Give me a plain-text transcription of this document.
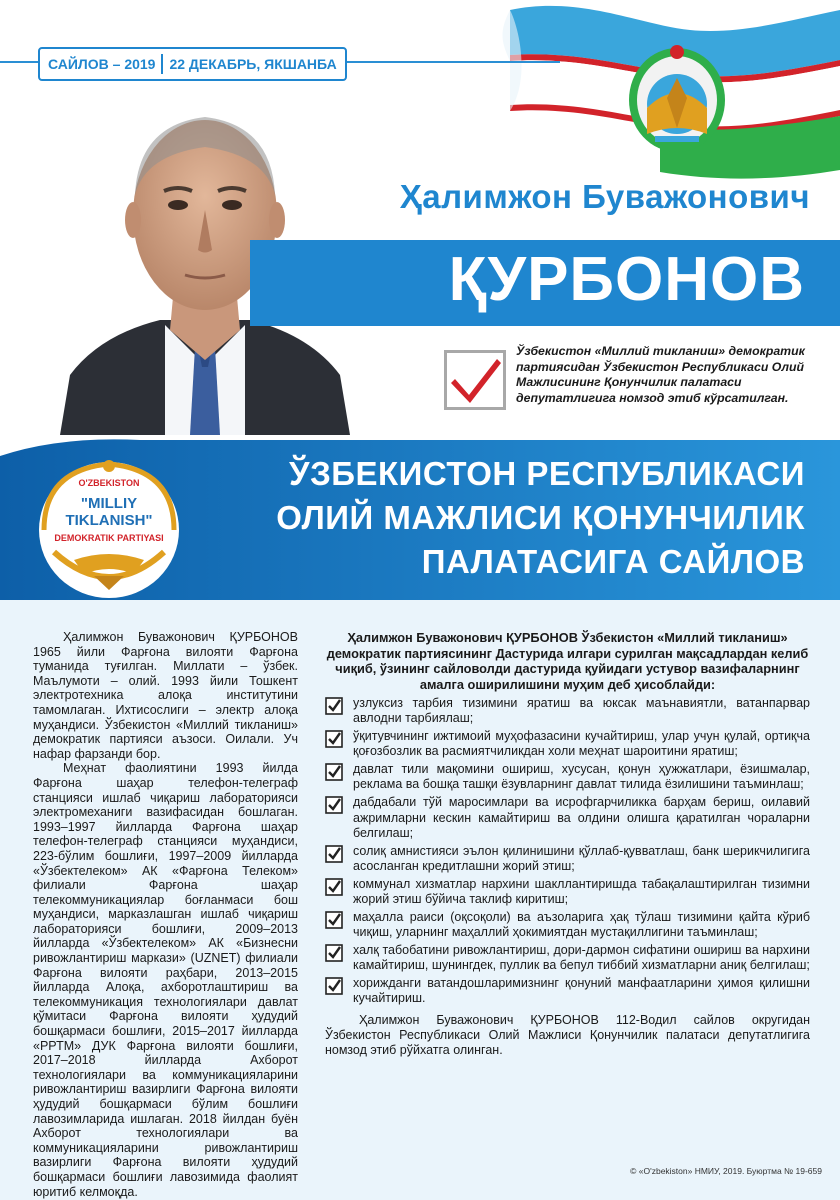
САЙЛОВ – 2019 22 ДЕКАБРЬ, ЯКШАНБА
Ҳалимжон Буважонович
ҚУРБОНОВ
Ўзбекистон «Миллий тикланиш» демократик партиясидан Ўзбекистон Республикаси Олий Мажлисининг Қонунчилик палатаси депутатлигига номзод этиб кўрсатилган.
ЎЗБЕКИСТОН РЕСПУБЛИКАСИ
ОЛИЙ МАЖЛИСИ ҚОНУНЧИЛИК
ПАЛАТАСИГА САЙЛОВ
O'ZBEKISTON
"MILLIY
TIKLANISH"
DEMOKRATIK PARTIYASI

Ҳалимжон Буважонович ҚУРБОНОВ 1965 йили Фарғона вилояти Фарғона туманида туғилган. Миллати – ўзбек. Маълумоти – олий. 1993 йили Тошкент электротехника алоқа институтини тамомлаган. Ихтисослиги – электр алоқа муҳандиси. Ўзбекистон «Миллий тикланиш» демократик партияси аъзоси. Оилали. Уч нафар фарзанди бор.

Меҳнат фаолиятини 1993 йилда Фарғона шаҳар телефон-телеграф станцияси ишлаб чиқариш лабораторияси электромеханиги вазифасидан бошлаган. 1993–1997 йилларда Фарғона шаҳар телефон-телеграф станцияси муҳандиси, 223-бўлим бошлиғи, 1997–2009 йилларда «Ўзбектелеком» АК «Фарғона Телеком» филиали Фарғона шаҳар телекоммуникациялар боғланмаси бош муҳандиси, марказлашган ишлаб чиқариш лабораторияси бошлиғи, 2009–2013 йилларда «Ўзбектелеком» АК «Бизнесни ривожлантириш маркази» (UZNET) филиали Фарғона вилояти раҳбари, 2013–2015 йилларда Алоқа, ахборотлаштириш ва телекоммуникация технологиялари давлат қўмитаси Фарғона вилояти ҳудудий бошқармаси бошлиғи, 2015–2017 йилларда «РРТМ» ДУК Фарғона вилояти бошлиғи, 2017–2018 йилларда Ахборот технологиялари ва коммуникацияларини ривожлантириш вазирлиги Фарғона вилояти ҳудудий бошқармаси бўлим бошлиғи лавозимларида ишлаган. 2018 йилдан буён Ахборот технологиялари ва коммуникацияларини ривожлантириш вазирлиги Фарғона вилояти ҳудудий бошқармаси бошлиғи лавозимида фаолият юритиб келмоқда.

Ҳалимжон Буважонович ҚУРБОНОВ Ўзбекистон «Миллий тикланиш» демократик партиясининг Дастурида илгари сурилган мақсадлардан келиб чиқиб, ўзининг сайловолди дастурида қуйидаги устувор вазифаларнинг амалга оширилишини муҳим деб ҳисоблайди:
узлуксиз тарбия тизимини яратиш ва юксак маънавиятли, ватанпарвар авлодни тарбиялаш;
ўқитувчининг ижтимоий муҳофазасини кучайтириш, улар учун қулай, ортиқча қоғозбозлик ва расмиятчиликдан холи меҳнат шароитини яратиш;
давлат тили мақомини ошириш, хусусан, қонун ҳужжатлари, ёзишмалар, реклама ва бошқа ташқи ёзувларнинг давлат тилида ёзилишини таъминлаш;
дабдабали тўй маросимлари ва исрофгарчиликка барҳам бериш, оилавий ажримларни кескин камайтириш ва олдини олишга қаратилган чораларни белгилаш;
солиқ амнистияси эълон қилинишини қўллаб-қувватлаш, банк шерикчилигига асосланган кредитлашни жорий этиш;
коммунал хизматлар нархини шакллантиришда табақалаштирилган тизимни жорий этиш бўйича таклиф киритиш;
маҳалла раиси (оқсоқоли) ва аъзоларига ҳақ тўлаш тизимини қайта кўриб чиқиш, уларнинг маҳаллий ҳокимиятдан мустақиллигини таъминлаш;
халқ табобатини ривожлантириш, дори-дармон сифатини ошириш ва нархини камайтириш, шунингдек, пуллик ва бепул тиббий хизматларни аниқ белгилаш;
хорижданги ватандошларимизнинг қонуний манфаатларини ҳимоя қилишни кучайтириш.
Ҳалимжон Буважонович ҚУРБОНОВ 112-Водил сайлов округидан Ўзбекистон Республикаси Олий Мажлиси Қонунчилик палатаси депутатлигига номзод этиб рўйхатга олинган.
© «O'zbekiston» НМИУ, 2019. Буюртма № 19-659
